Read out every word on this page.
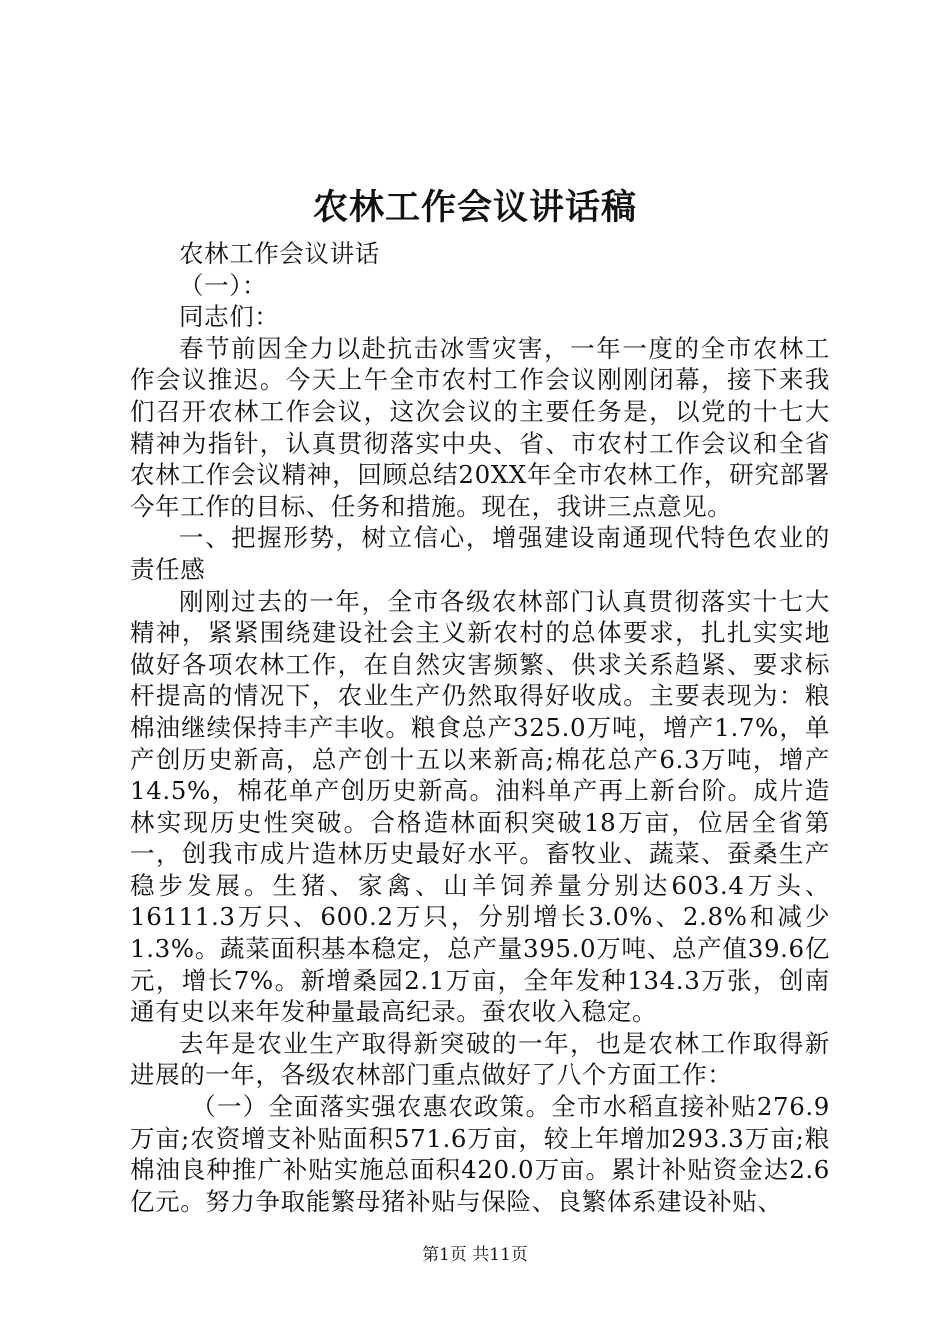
农林工作会议讲话稿

农林工作会议讲话

（一）：

同志们：

春节前因全力以赴抗击冰雪灾害，一年一度的全市农林工作会议推迟。今天上午全市农村工作会议刚刚闭幕，接下来我们召开农林工作会议，这次会议的主要任务是，以党的十七大精神为指针，认真贯彻落实中央、省、市农村工作会议和全省农林工作会议精神，回顾总结20XX年全市农林工作，研究部署今年工作的目标、任务和措施。现在，我讲三点意见。

一、把握形势，树立信心，增强建设南通现代特色农业的责任感

刚刚过去的一年，全市各级农林部门认真贯彻落实十七大精神，紧紧围绕建设社会主义新农村的总体要求，扎扎实实地做好各项农林工作，在自然灾害频繁、供求关系趋紧、要求标杆提高的情况下，农业生产仍然取得好收成。主要表现为：粮棉油继续保持丰产丰收。粮食总产325.0万吨，增产1.7%，单产创历史新高，总产创十五以来新高;棉花总产6.3万吨，增产14.5%，棉花单产创历史新高。油料单产再上新台阶。成片造林实现历史性突破。合格造林面积突破18万亩，位居全省第一，创我市成片造林历史最好水平。畜牧业、蔬菜、蚕桑生产稳步发展。生猪、家禽、山羊饲养量分别达603.4万头、16111.3万只、600.2万只，分别增长3.0%、2.8%和减少1.3%。蔬菜面积基本稳定，总产量395.0万吨、总产值39.6亿元，增长7%。新增桑园2.1万亩，全年发种134.3万张，创南通有史以来年发种量最高纪录。蚕农收入稳定。

去年是农业生产取得新突破的一年，也是农林工作取得新进展的一年，各级农林部门重点做好了八个方面工作：

（一）全面落实强农惠农政策。全市水稻直接补贴276.9万亩;农资增支补贴面积571.6万亩，较上年增加293.3万亩;粮棉油良种推广补贴实施总面积420.0万亩。累计补贴资金达2.6亿元。努力争取能繁母猪补贴与保险、良繁体系建设补贴、

第1页 共11页
